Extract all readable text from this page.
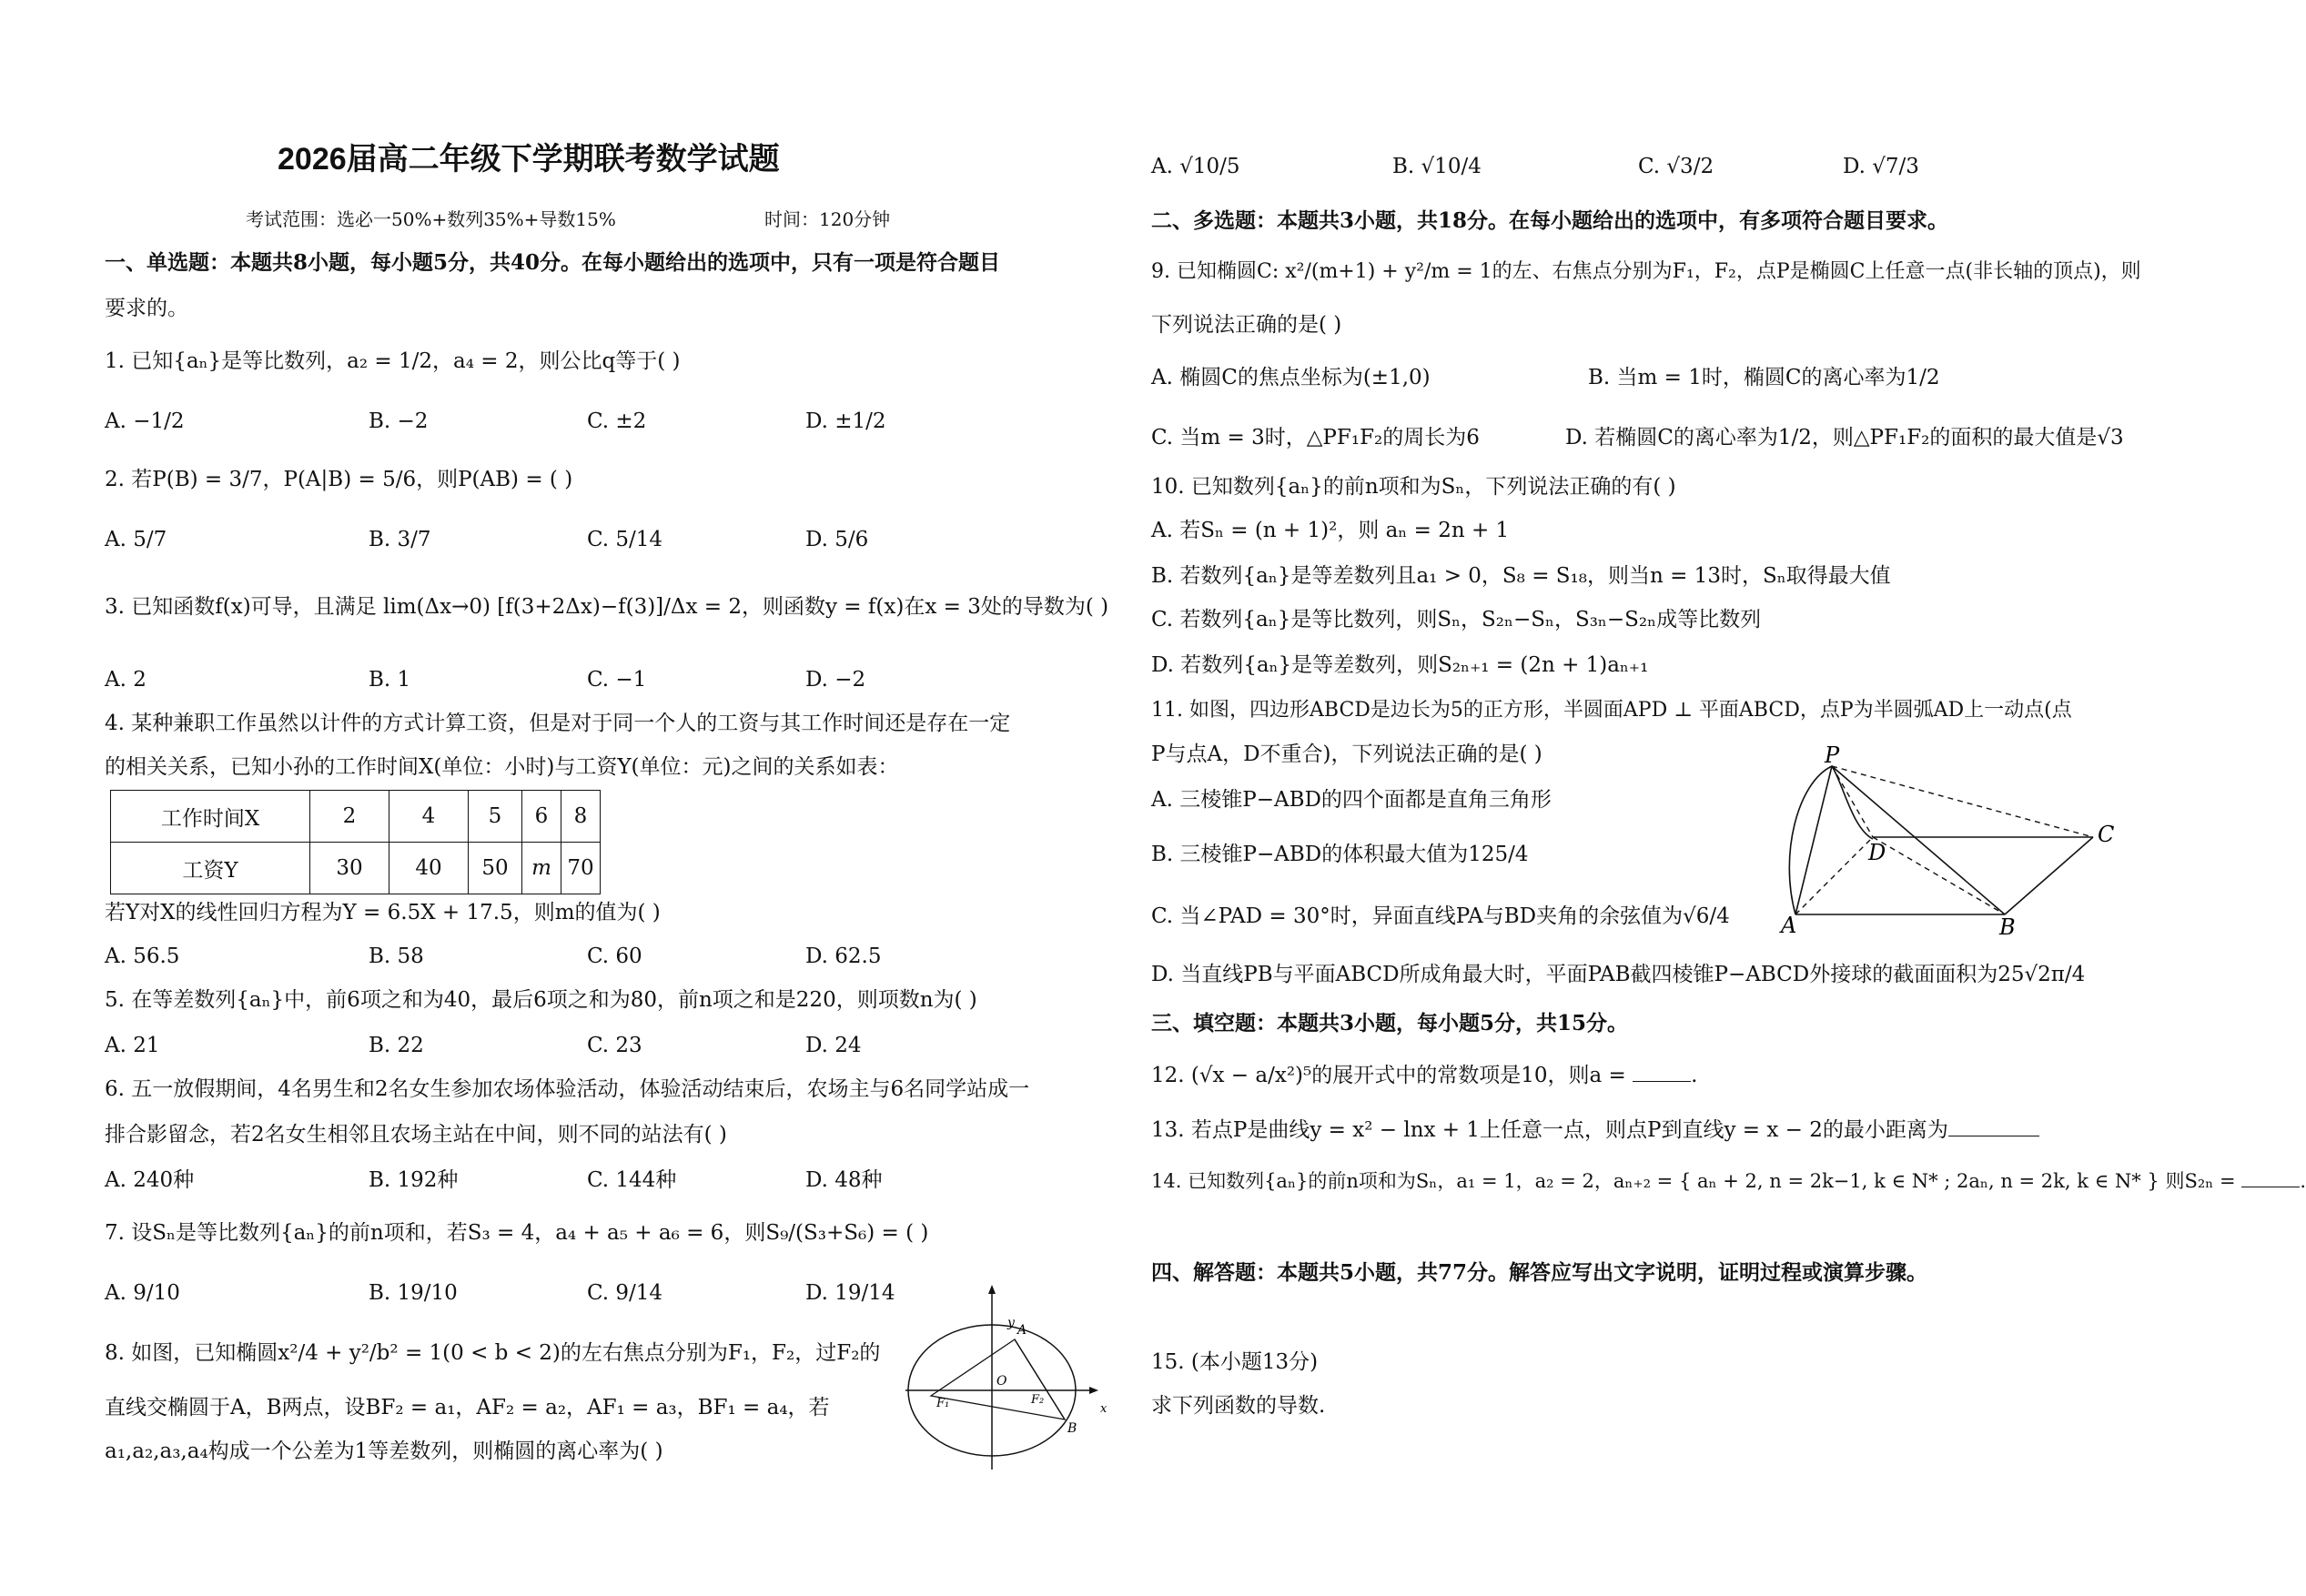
2026届高二年级下学期联考数学试题
考试范围：选必一50%+数列35%+导数15%	时间：120分钟
一、单选题：本题共8小题，每小题5分，共40分。在每小题给出的选项中，只有一项是符合题目
要求的。
1. 已知{aₙ}是等比数列，a₂ = 1/2，a₄ = 2，则公比q等于( )
A. −1/2	B. −2	C. ±2	D. ±1/2
2. 若P(B) = 3/7，P(A|B) = 5/6，则P(AB) = ( )
A. 5/7	B. 3/7	C. 5/14	D. 5/6
3. 已知函数f(x)可导，且满足 lim(Δx→0) [f(3+2Δx)−f(3)]/Δx = 2，则函数y = f(x)在x = 3处的导数为( )
A. 2	B. 1	C. −1	D. −2
4. 某种兼职工作虽然以计件的方式计算工资，但是对于同一个人的工资与其工作时间还是存在一定
的相关关系，已知小孙的工作时间X(单位：小时)与工资Y(单位：元)之间的关系如表：
工作时间X	2	4	5	6	8
工资Y	30	40	50	m	70
若Y对X的线性回归方程为Y = 6.5X + 17.5，则m的值为( )
A. 56.5	B. 58	C. 60	D. 62.5
5. 在等差数列{aₙ}中，前6项之和为40，最后6项之和为80，前n项之和是220，则项数n为( )
A. 21	B. 22	C. 23	D. 24
6. 五一放假期间，4名男生和2名女生参加农场体验活动，体验活动结束后，农场主与6名同学站成一
排合影留念，若2名女生相邻且农场主站在中间，则不同的站法有( )
A. 240种	B. 192种	C. 144种	D. 48种
7. 设Sₙ是等比数列{aₙ}的前n项和，若S₃ = 4，a₄ + a₅ + a₆ = 6，则S₉/(S₃+S₆) = ( )
A. 9/10	B. 19/10	C. 9/14	D. 19/14
8. 如图，已知椭圆x²/4 + y²/b² = 1(0 < b < 2)的左右焦点分别为F₁，F₂，过F₂的
直线交椭圆于A，B两点，设BF₂ = a₁，AF₂ = a₂，AF₁ = a₃，BF₁ = a₄，若
a₁,a₂,a₃,a₄构成一个公差为1等差数列，则椭圆的离心率为( )
y A
O
F₁	F₂
B
x
A. √10/5	B. √10/4	C. √3/2	D. √7/3
二、多选题：本题共3小题，共18分。在每小题给出的选项中，有多项符合题目要求。
9. 已知椭圆C: x²/(m+1) + y²/m = 1的左、右焦点分别为F₁，F₂，点P是椭圆C上任意一点(非长轴的顶点)，则
下列说法正确的是( )
A. 椭圆C的焦点坐标为(±1,0)	B. 当m = 1时，椭圆C的离心率为1/2
C. 当m = 3时，△PF₁F₂的周长为6	D. 若椭圆C的离心率为1/2，则△PF₁F₂的面积的最大值是√3
10. 已知数列{aₙ}的前n项和为Sₙ，下列说法正确的有( )
A. 若Sₙ = (n + 1)²，则 aₙ = 2n + 1
B. 若数列{aₙ}是等差数列且a₁ > 0，S₈ = S₁₈，则当n = 13时，Sₙ取得最大值
C. 若数列{aₙ}是等比数列，则Sₙ，S₂ₙ−Sₙ，S₃ₙ−S₂ₙ成等比数列
D. 若数列{aₙ}是等差数列，则S₂ₙ₊₁ = (2n + 1)aₙ₊₁
11. 如图，四边形ABCD是边长为5的正方形，半圆面APD ⊥ 平面ABCD，点P为半圆弧AD上一动点(点
P与点A，D不重合)，下列说法正确的是( )
A. 三棱锥P−ABD的四个面都是直角三角形
B. 三棱锥P−ABD的体积最大值为125/4
C. 当∠PAD = 30°时，异面直线PA与BD夹角的余弦值为√6/4
D. 当直线PB与平面ABCD所成角最大时，平面PAB截四棱锥P−ABCD外接球的截面面积为25√2π/4
三、填空题：本题共3小题，每小题5分，共15分。
12. (√x − a/x²)⁵的展开式中的常数项是10，则a =	.
13. 若点P是曲线y = x² − lnx + 1上任意一点，则点P到直线y = x − 2的最小距离为
14. 已知数列{aₙ}的前n项和为Sₙ，a₁ = 1，a₂ = 2，aₙ₊₂ = { aₙ + 2, n = 2k−1, k ∈ N* ; 2aₙ, n = 2k, k ∈ N* } 则S₂ₙ =	.
四、解答题：本题共5小题，共77分。解答应写出文字说明，证明过程或演算步骤。
15. (本小题13分)
求下列函数的导数.
P
D
C
A	B
